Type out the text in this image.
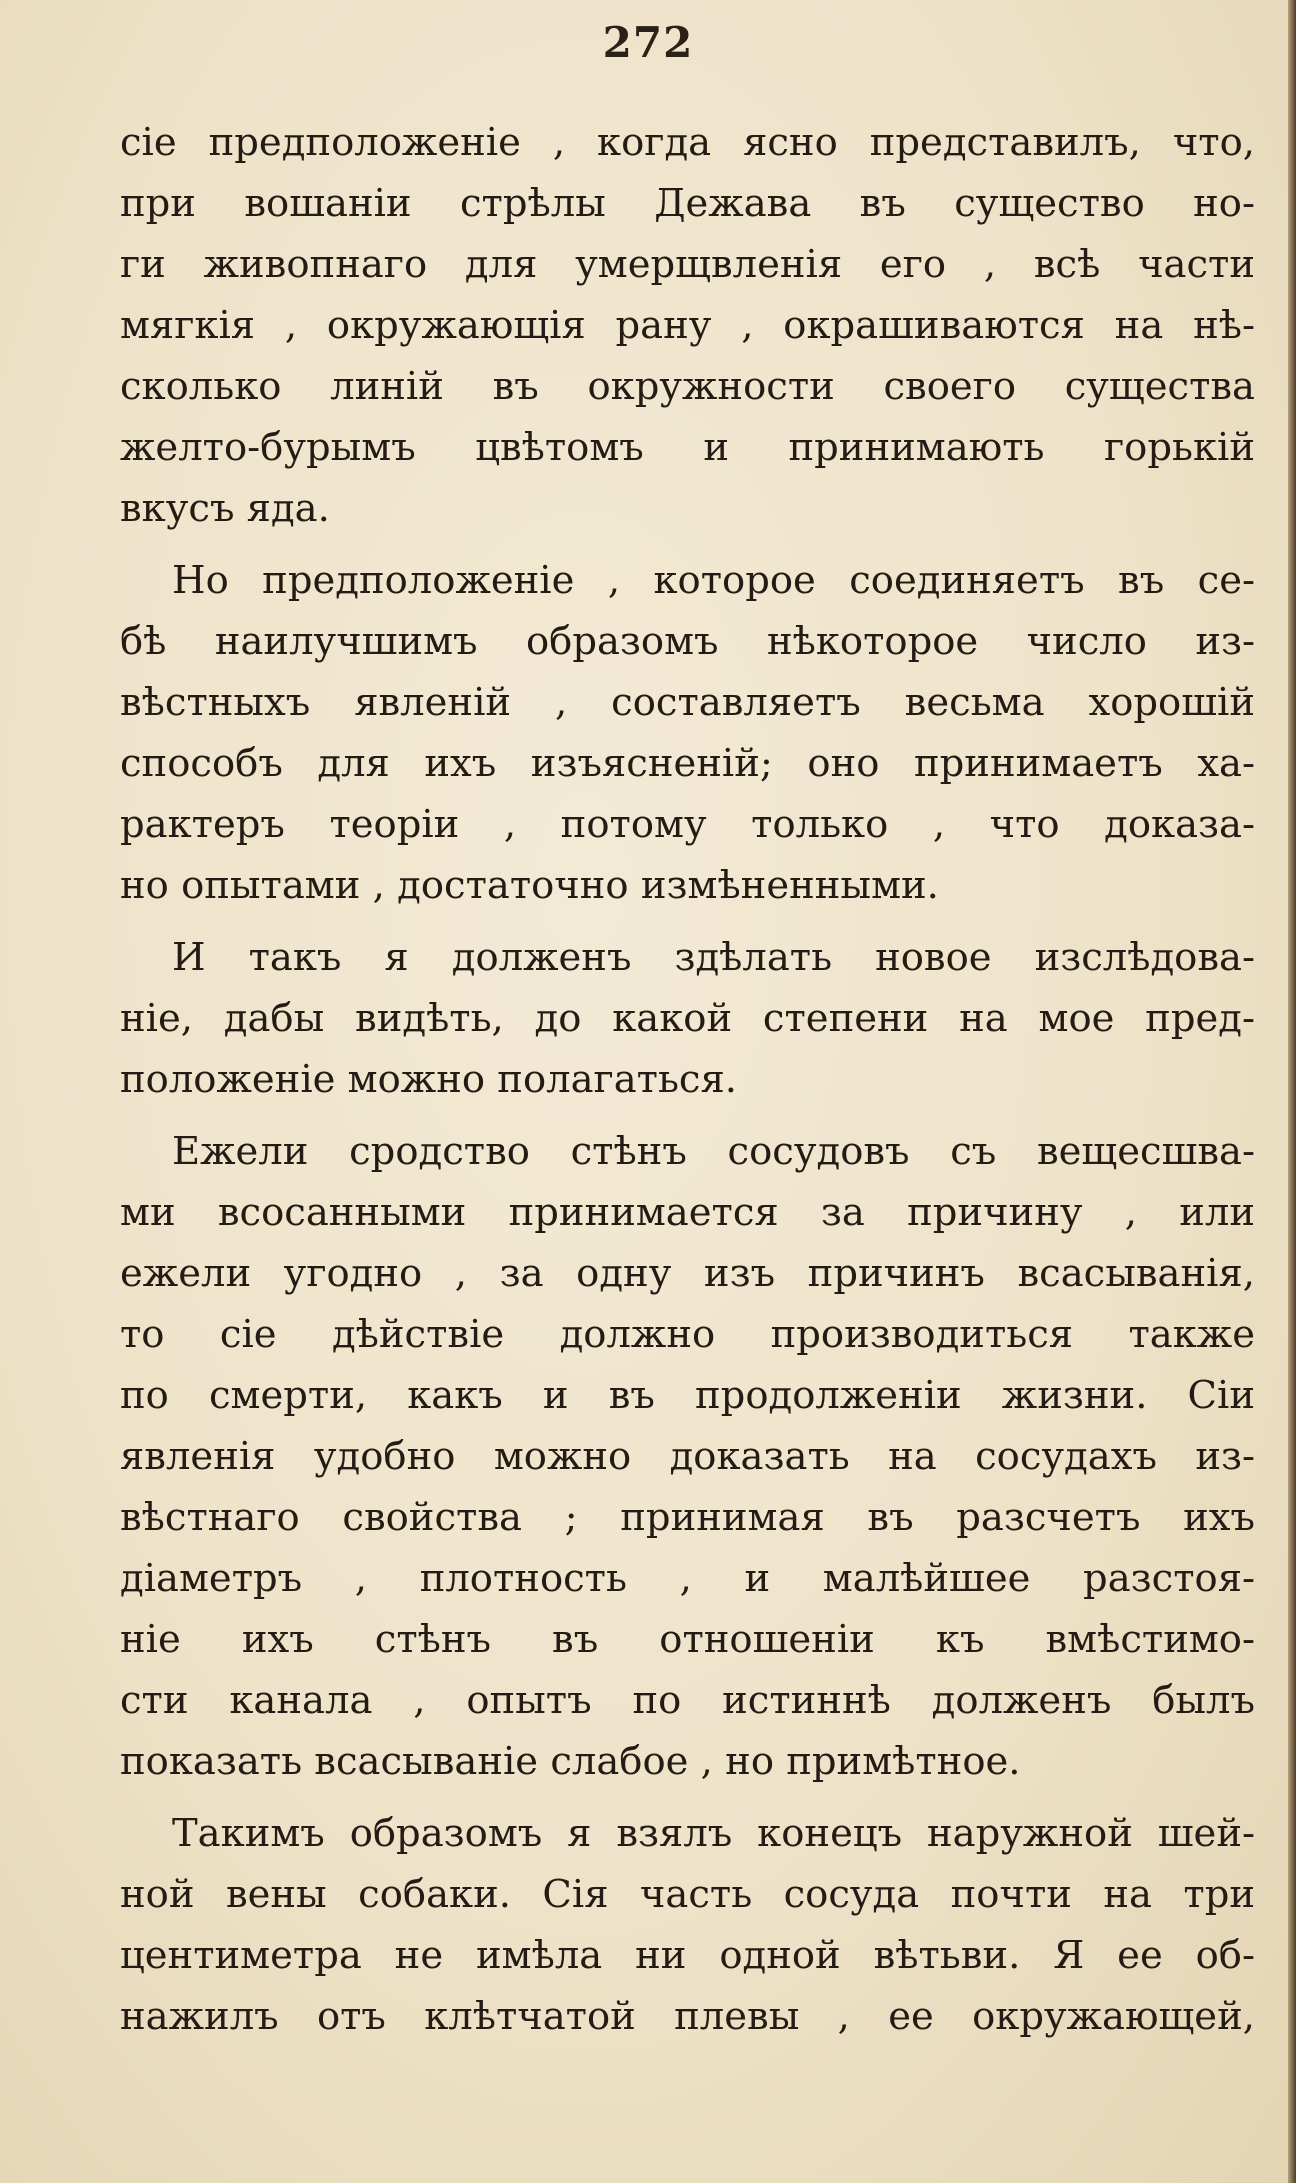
272
сіе предположеніе , когда ясно представилъ, что,
при вошаніи стрѣлы Дежава въ существо но-
ги живопнаго для умерщвленія его , всѣ части
мягкія , окружающія рану , окрашиваются на нѣ-
сколько линій въ окружности своего существа
желто-бурымъ цвѣтомъ и принимають горькій
вкусъ яда.
Но предположеніе , которое соединяетъ въ се-
бѣ наилучшимъ образомъ нѣкоторое число из-
вѣстныхъ явленій , составляетъ весьма хорошій
способъ для ихъ изъясненій; оно принимаетъ ха-
рактеръ теоріи , потому только , что доказа-
но опытами , достаточно измѣненными.
И такъ я долженъ здѣлать новое изслѣдова-
ніе, дабы видѣть, до какой степени на мое пред-
положеніе можно полагаться.
Ежели сродство стѣнъ сосудовъ съ вещесшва-
ми всосанными принимается за причину , или
ежели угодно , за одну изъ причинъ всасыванія,
то сіе дѣйствіе должно производиться также
по смерти, какъ и въ продолженіи жизни. Сіи
явленія удобно можно доказать на сосудахъ из-
вѣстнаго свойства ; принимая въ разсчетъ ихъ
діаметръ , плотность , и малѣйшее разстоя-
ніе ихъ стѣнъ въ отношеніи къ вмѣстимо-
сти канала , опытъ по истиннѣ долженъ былъ
показать всасываніе слабое , но примѣтное.
Такимъ образомъ я взялъ конецъ наружной шей-
ной вены собаки. Сія часть сосуда почти на три
центиметра не имѣла ни одной вѣтьви. Я ее об-
нажилъ отъ клѣтчатой плевы , ее окружающей,
